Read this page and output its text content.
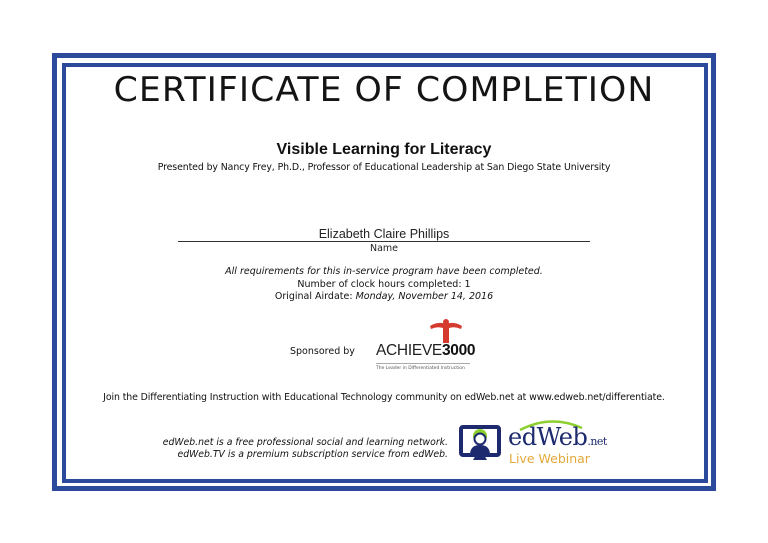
CERTIFICATE OF COMPLETION
Visible Learning for Literacy
Presented by Nancy Frey, Ph.D., Professor of Educational Leadership at San Diego State University
Elizabeth Claire Phillips
Name
All requirements for this in-service program have been completed.
Number of clock hours completed: 1
Original Airdate: Monday, November 14, 2016
Sponsored by ACHIEVE3000
The Leader in Differentiated Instruction
Join the Differentiating Instruction with Educational Technology community on edWeb.net at www.edweb.net/differentiate.
edWeb.net is a free professional social and learning network.
edWeb.TV is a premium subscription service from edWeb.
edWeb.net
Live Webinar
